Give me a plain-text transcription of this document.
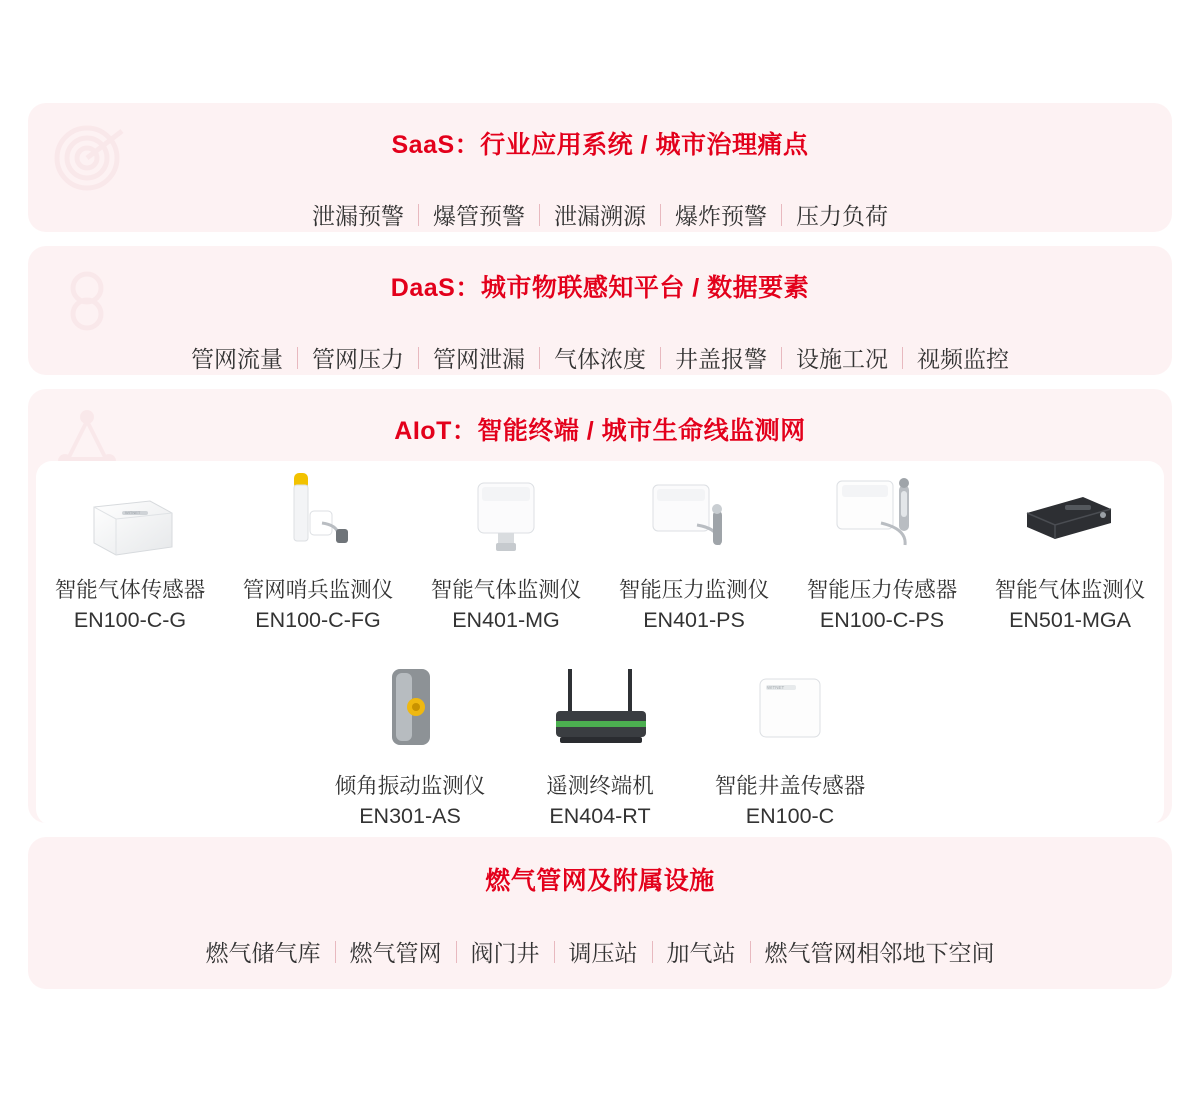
SaaS：行业应用系统 / 城市治理痛点
泄漏预警	爆管预警	泄漏溯源	爆炸预警	压力负荷
DaaS：城市物联感知平台 / 数据要素
管网流量	管网压力	管网泄漏	气体浓度	井盖报警	设施工况	视频监控
AIoT：智能终端 / 城市生命线监测网
WITNET
智能气体传感器
EN100-C-G
管网哨兵监测仪
EN100-C-FG
智能气体监测仪
EN401-MG
智能压力监测仪
EN401-PS
智能压力传感器
EN100-C-PS
智能气体监测仪
EN501-MGA
倾角振动监测仪
EN301-AS
遥测终端机
EN404-RT
WITNET
智能井盖传感器
EN100-C
燃气管网及附属设施
燃气储气库	燃气管网	阀门井	调压站	加气站	燃气管网相邻地下空间
